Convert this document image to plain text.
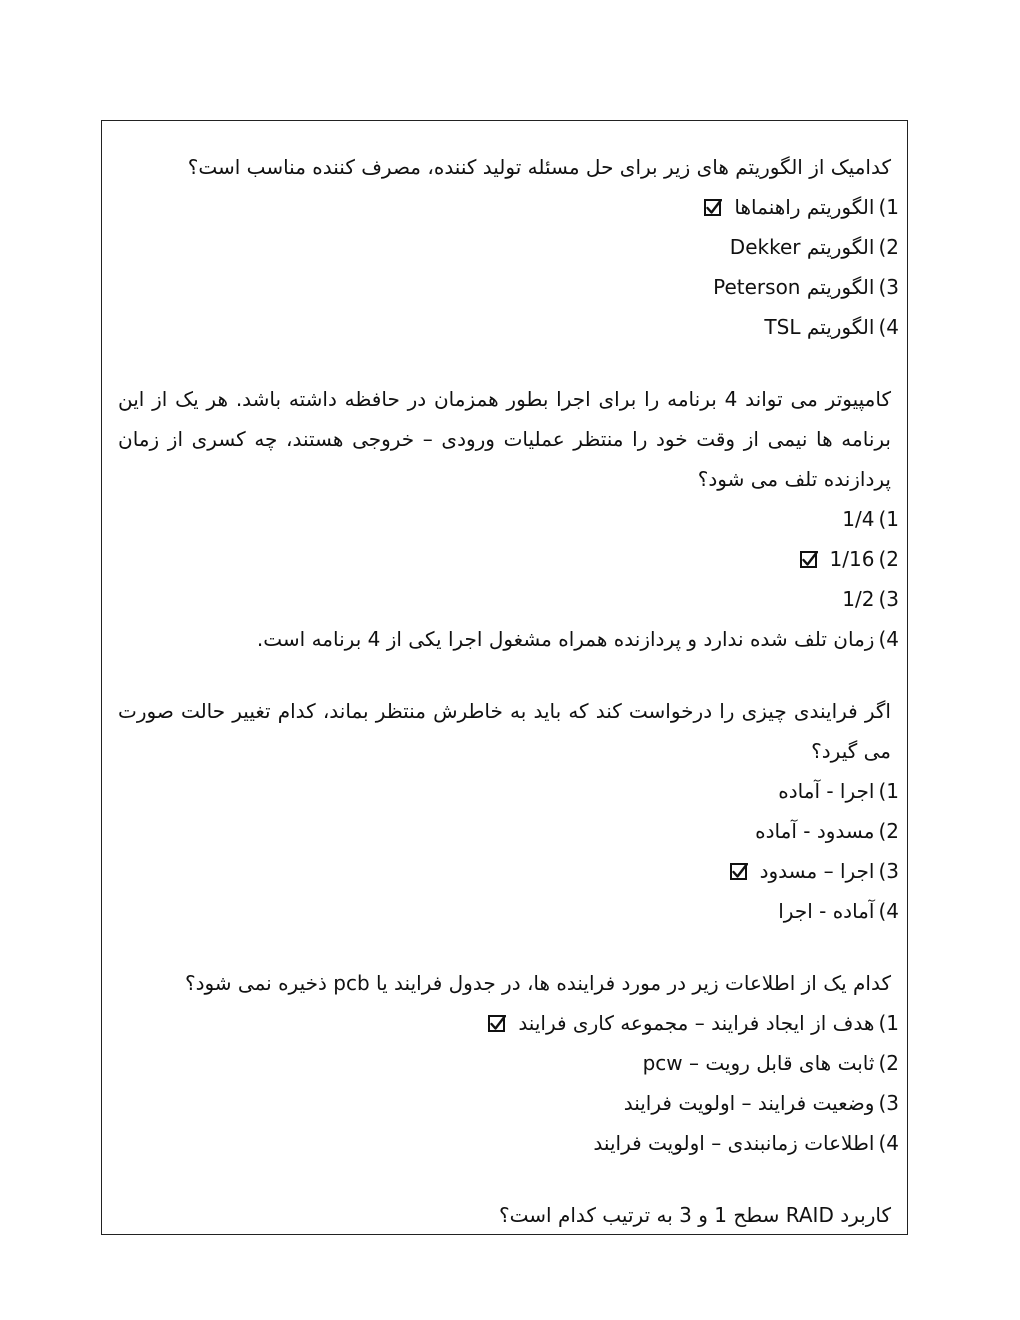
کدامیک از الگوریتم های زیر برای حل مسئله تولید کننده، مصرف کننده مناسب است؟

1)الگوریتم راهنماها
2)الگوریتم Dekker
3)الگوریتم Peterson
4)الگوریتم TSL

کامپیوتر می تواند 4 برنامه را برای اجرا بطور همزمان در حافظه داشته باشد. هر یک از این برنامه ها نیمی از وقت خود را منتظر عملیات ورودی – خروجی هستند، چه کسری از زمان پردازنده تلف می شود؟

1)1/4
2)1/16
3)1/2
4)زمان تلف شده ندارد و پردازنده همراه مشغول اجرا یکی از 4 برنامه است.

اگر فرایندی چیزی را درخواست کند که باید به خاطرش منتظر بماند، کدام تغییر حالت صورت می گیرد؟

1)اجرا - آماده
2)مسدود - آماده
3)اجرا – مسدود
4)آماده - اجرا

کدام یک از اطلاعات زیر در مورد فراینده ها، در جدول فرایند یا pcb ذخیره نمی شود؟

1)هدف از ایجاد فرایند – مجموعه کاری فرایند
2)pcw – ثابت های قابل رویت
3)وضعیت فرایند – اولویت فرایند
4)اطلاعات زمانبندی – اولویت فرایند

کاربرد RAID سطح 1 و 3 به ترتیب کدام است؟
